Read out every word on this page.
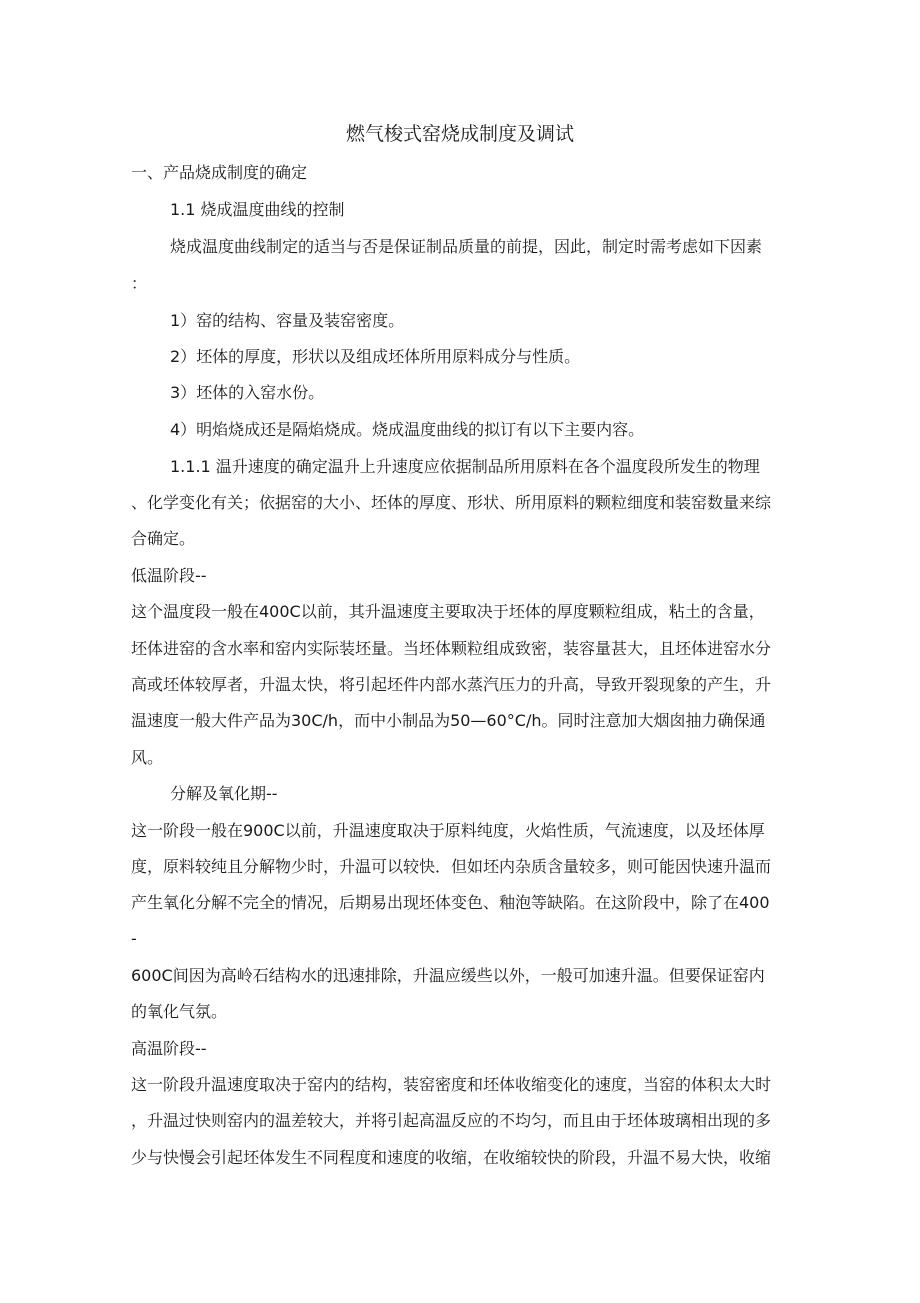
燃气梭式窑烧成制度及调试
一、产品烧成制度的确定
1.1 烧成温度曲线的控制
烧成温度曲线制定的适当与否是保证制品质量的前提，因此，制定时需考虑如下因素
：
1）窑的结构、容量及装窑密度。
2）坯体的厚度，形状以及组成坯体所用原料成分与性质。
3）坯体的入窑水份。
4）明焰烧成还是隔焰烧成。烧成温度曲线的拟订有以下主要内容。
1.1.1 温升速度的确定温升上升速度应依据制品所用原料在各个温度段所发生的物理
、化学变化有关；依据窑的大小、坯体的厚度、形状、所用原料的颗粒细度和装窑数量来综
合确定。
低温阶段--
这个温度段一般在400C以前，其升温速度主要取决于坯体的厚度颗粒组成，粘土的含量，
坯体进窑的含水率和窑内实际装坯量。当坯体颗粒组成致密，装容量甚大，且坯体进窑水分
高或坯体较厚者，升温太快，将引起坯件内部水蒸汽压力的升高，导致开裂现象的产生，升
温速度一般大件产品为30C/h，而中小制品为50—60°C/h。同时注意加大烟囱抽力确保通
风。
分解及氧化期--
这一阶段一般在900C以前，升温速度取决于原料纯度，火焰性质，气流速度，以及坯体厚
度，原料较纯且分解物少时，升温可以较快．但如坯内杂质含量较多，则可能因快速升温而
产生氧化分解不完全的情况，后期易出现坯体变色、釉泡等缺陷。在这阶段中，除了在400
-
600C间因为高岭石结构水的迅速排除，升温应缓些以外，一般可加速升温。但要保证窑内
的氧化气氛。
高温阶段--
这一阶段升温速度取决于窑内的结构，装窑密度和坯体收缩变化的速度，当窑的体积太大时
，升温过快则窑内的温差较大，并将引起高温反应的不均匀，而且由于坯体玻璃相出现的多
少与快慢会引起坯体发生不同程度和速度的收缩，在收缩较快的阶段，升温不易大快，收缩
